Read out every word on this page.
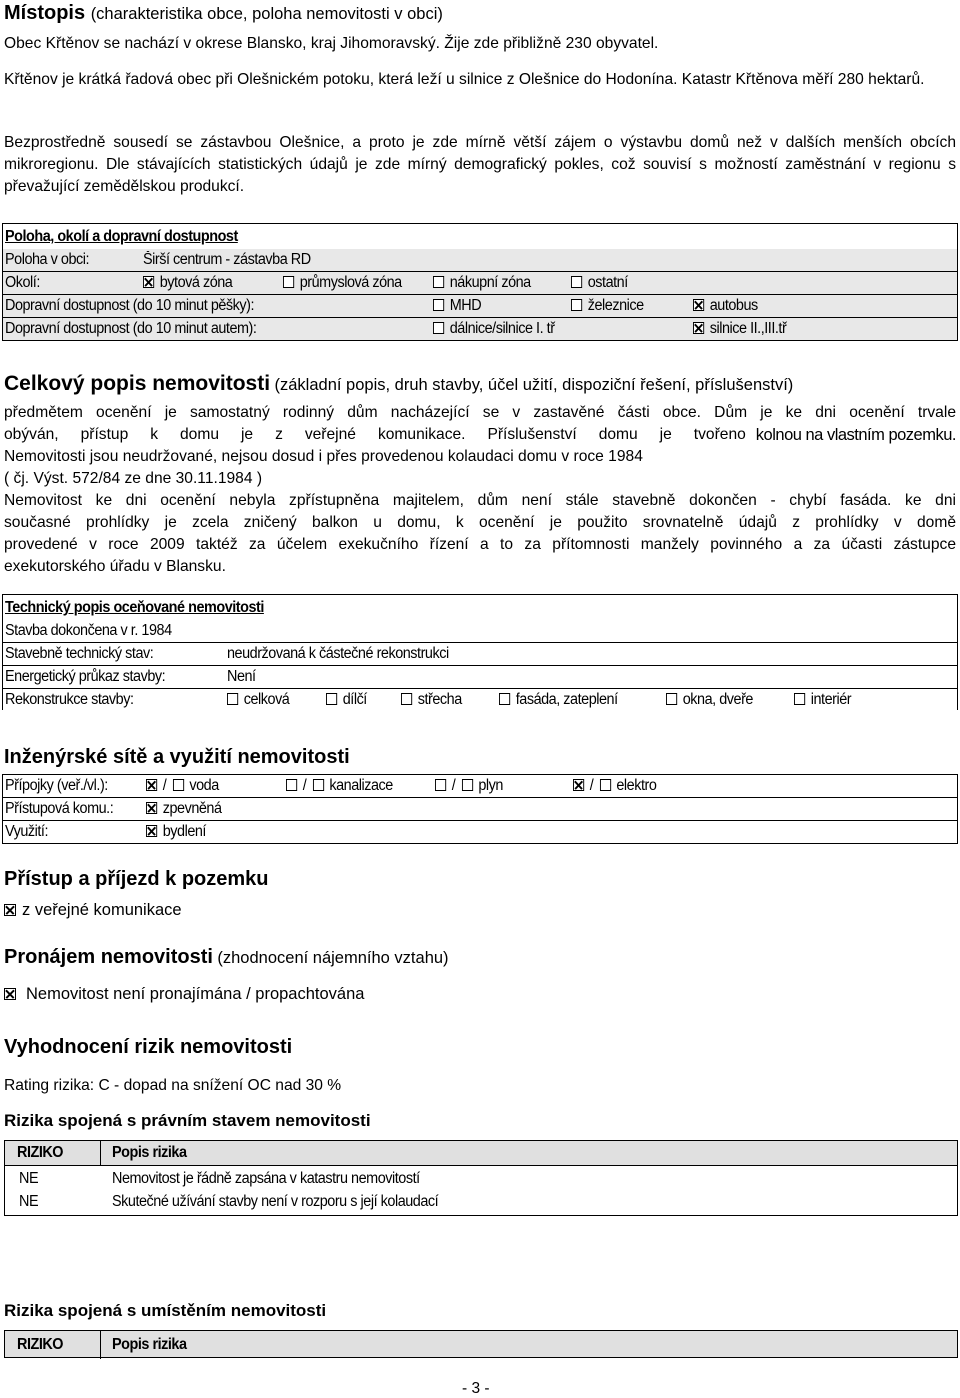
Místopis (charakteristika obce, poloha nemovitosti v obci)
Obec Křtěnov se nachází v okrese Blansko, kraj Jihomoravský. Žije zde přibližně 230 obyvatel.
Křtěnov je krátká řadová obec při Olešnickém potoku, která leží u silnice z Olešnice do Hodonína. Katastr Křtěnova měří 280 hektarů.
Bezprostředně sousedí se zástavbou Olešnice, a proto je zde mírně větší zájem o výstavbu domů než v dalších menších obcích mikroregionu. Dle stávajících statistických údajů je zde mírný demografický pokles, což souvisí s možností zaměstnání v regionu s převažující zemědělskou produkcí.
Poloha, okolí a dopravní dostupnost
Poloha v obci:	Širší centrum - zástavba RD
Okolí:	bytová zóna	průmyslová zóna	nákupní zóna	ostatní
Dopravní dostupnost (do 10 minut pěšky):	MHD	železnice	autobus
Dopravní dostupnost (do 10 minut autem):	dálnice/silnice I. tř	silnice II.,III.tř
Celkový popis nemovitosti (základní popis, druh stavby, účel užití, dispoziční řešení, příslušenství)
předmětem ocenění je samostatný rodinný dům nacházející se v zastavěné části obce. Dům je ke dni ocenění trvale
obýván, přístup k domu je z veřejné komunikace. Příslušenství domu je tvořeno kolnou na vlastním pozemku.
Nemovitosti jsou neudržované, nejsou dosud i přes provedenou kolaudaci domu v roce 1984
( čj. Výst. 572/84 ze dne 30.11.1984 )
Nemovitost ke dni ocenění nebyla zpřístupněna majitelem, dům není stále stavebně dokončen - chybí fasáda. ke dni
současné prohlídky je zcela zničený balkon u domu, k ocenění je použito srovnatelně údajů z prohlídky v domě
provedené v roce 2009 taktéž za účelem exekučního řízení a to za přítomnosti manžely povinného a za účasti zástupce
exekutorského úřadu v Blansku.
Technický popis oceňované nemovitosti
Stavba dokončena v r. 1984
Stavebně technický stav:	neudržovaná k částečné rekonstrukci
Energetický průkaz stavby:	Není
Rekonstrukce stavby:	celková	dílčí	střecha	fasáda, zateplení	okna, dveře	interiér
Inženýrské sítě a využití nemovitosti
Přípojky (veř./vl.):	/ voda	/ kanalizace	/ plyn	/ elektro
Přístupová komu.:	zpevněná
Využití:	bydlení
Přístup a příjezd k pozemku
z veřejné komunikace
Pronájem nemovitosti (zhodnocení nájemního vztahu)
Nemovitost není pronajímána / propachtována
Vyhodnocení rizik nemovitosti
Rating rizika: C - dopad na snížení OC nad 30 %
Rizika spojená s právním stavem nemovitosti
RIZIKO	Popis rizika
NE	Nemovitost je řádně zapsána v katastru nemovitostí
NE	Skutečné užívání stavby není v rozporu s její kolaudací
Rizika spojená s umístěním nemovitosti
RIZIKO	Popis rizika
- 3 -
